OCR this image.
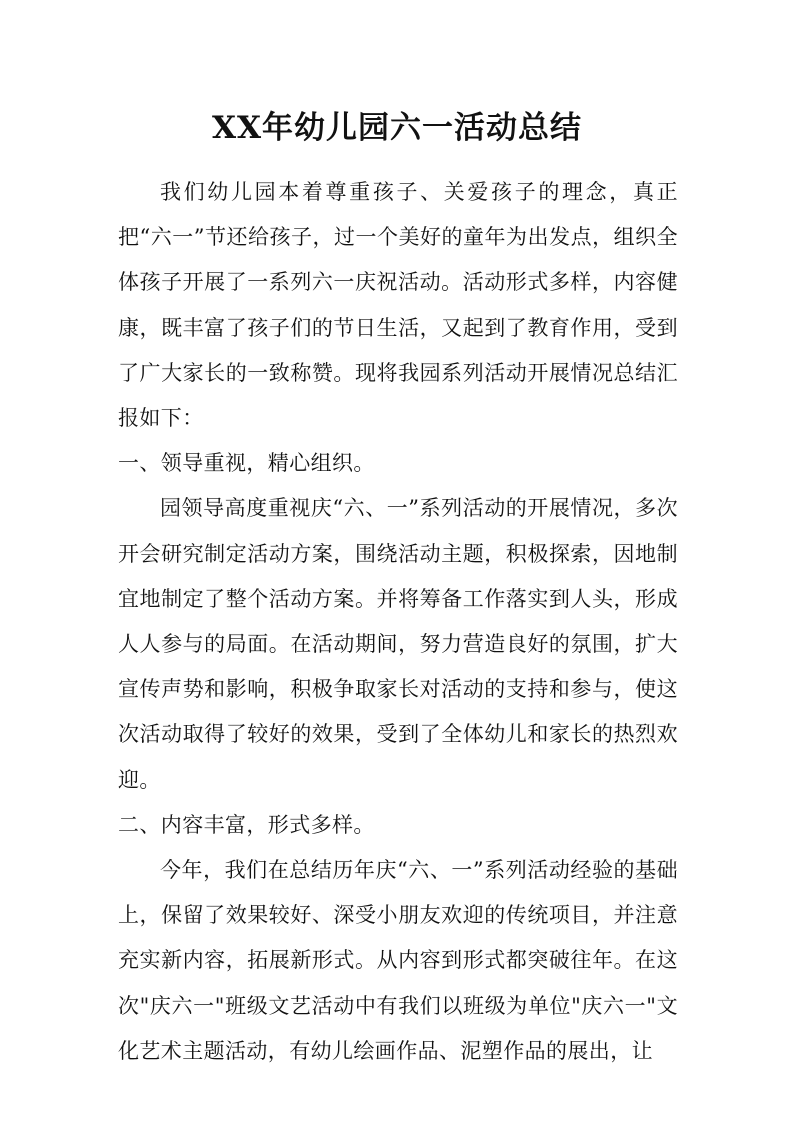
XX年幼儿园六一活动总结

我们幼儿园本着尊重孩子、关爱孩子的理念，真正把“六一”节还给孩子，过一个美好的童年为出发点，组织全体孩子开展了一系列六一庆祝活动。活动形式多样，内容健康，既丰富了孩子们的节日生活，又起到了教育作用，受到了广大家长的一致称赞。现将我园系列活动开展情况总结汇报如下：

一、领导重视，精心组织。

园领导高度重视庆“六、一”系列活动的开展情况，多次开会研究制定活动方案，围绕活动主题，积极探索，因地制宜地制定了整个活动方案。并将筹备工作落实到人头，形成人人参与的局面。在活动期间，努力营造良好的氛围，扩大宣传声势和影响，积极争取家长对活动的支持和参与，使这次活动取得了较好的效果，受到了全体幼儿和家长的热烈欢迎。

二、内容丰富，形式多样。

今年，我们在总结历年庆“六、一”系列活动经验的基础上，保留了效果较好、深受小朋友欢迎的传统项目，并注意充实新内容，拓展新形式。从内容到形式都突破往年。在这次"庆六一"班级文艺活动中有我们以班级为单位"庆六一"文化艺术主题活动，有幼儿绘画作品、泥塑作品的展出，让
